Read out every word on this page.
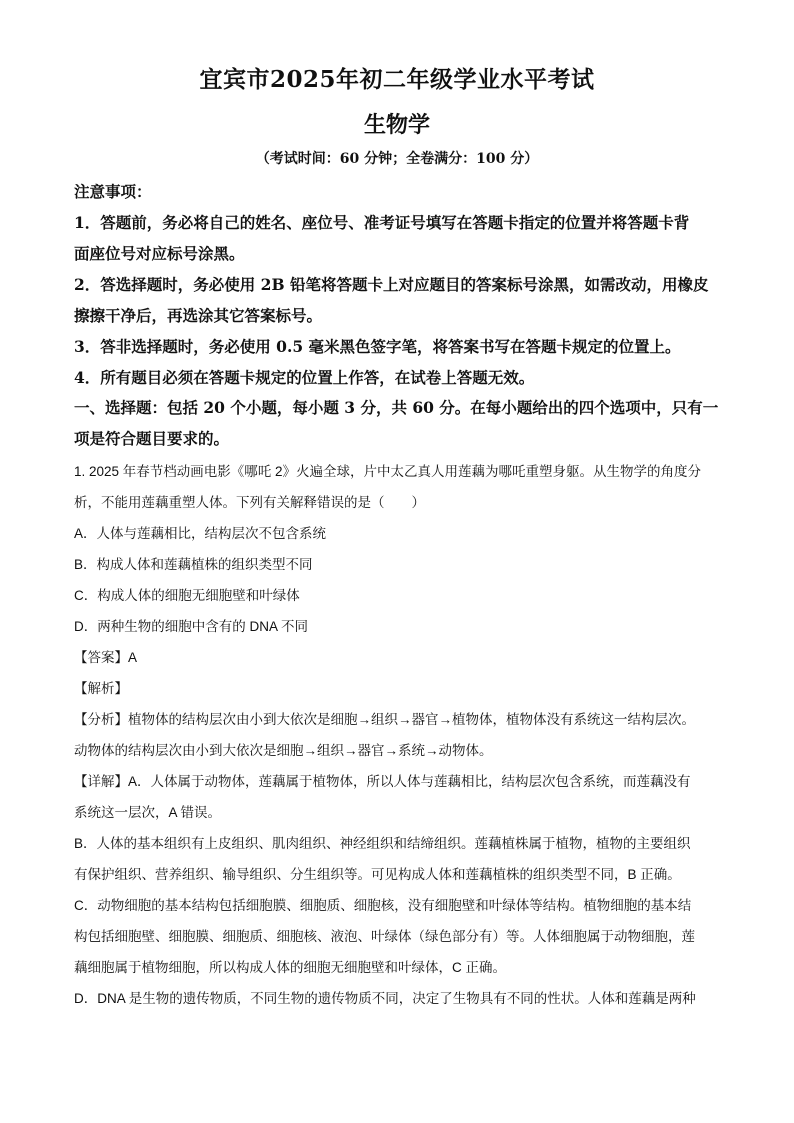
宜宾市2025年初二年级学业水平考试
生物学
（考试时间：60 分钟；全卷满分：100 分）

注意事项：

1．答题前，务必将自己的姓名、座位号、准考证号填写在答题卡指定的位置并将答题卡背

面座位号对应标号涂黑。

2．答选择题时，务必使用 2B 铅笔将答题卡上对应题目的答案标号涂黑，如需改动，用橡皮

擦擦干净后，再选涂其它答案标号。

3．答非选择题时，务必使用 0.5 毫米黑色签字笔，将答案书写在答题卡规定的位置上。

4．所有题目必须在答题卡规定的位置上作答，在试卷上答题无效。

一、选择题：包括 20 个小题，每小题 3 分，共 60 分。在每小题给出的四个选项中，只有一
项是符合题目要求的。

1. 2025 年春节档动画电影《哪吒 2》火遍全球，片中太乙真人用莲藕为哪吒重塑身躯。从生物学的角度分

析，不能用莲藕重塑人体。下列有关解释错误的是（　　）

A．人体与莲藕相比，结构层次不包含系统

B．构成人体和莲藕植株的组织类型不同

C．构成人体的细胞无细胞壁和叶绿体

D．两种生物的细胞中含有的 DNA 不同

【答案】A

【解析】

【分析】植物体的结构层次由小到大依次是细胞→组织→器官→植物体，植物体没有系统这一结构层次。

动物体的结构层次由小到大依次是细胞→组织→器官→系统→动物体。

【详解】A．人体属于动物体，莲藕属于植物体，所以人体与莲藕相比，结构层次包含系统，而莲藕没有

系统这一层次，A 错误。

B．人体的基本组织有上皮组织、肌肉组织、神经组织和结缔组织。莲藕植株属于植物，植物的主要组织

有保护组织、营养组织、输导组织、分生组织等。可见构成人体和莲藕植株的组织类型不同，B 正确。

C．动物细胞的基本结构包括细胞膜、细胞质、细胞核，没有细胞壁和叶绿体等结构。植物细胞的基本结

构包括细胞壁、细胞膜、细胞质、细胞核、液泡、叶绿体（绿色部分有）等。人体细胞属于动物细胞，莲

藕细胞属于植物细胞，所以构成人体的细胞无细胞壁和叶绿体，C 正确。

D．DNA 是生物的遗传物质，不同生物的遗传物质不同，决定了生物具有不同的性状。人体和莲藕是两种
